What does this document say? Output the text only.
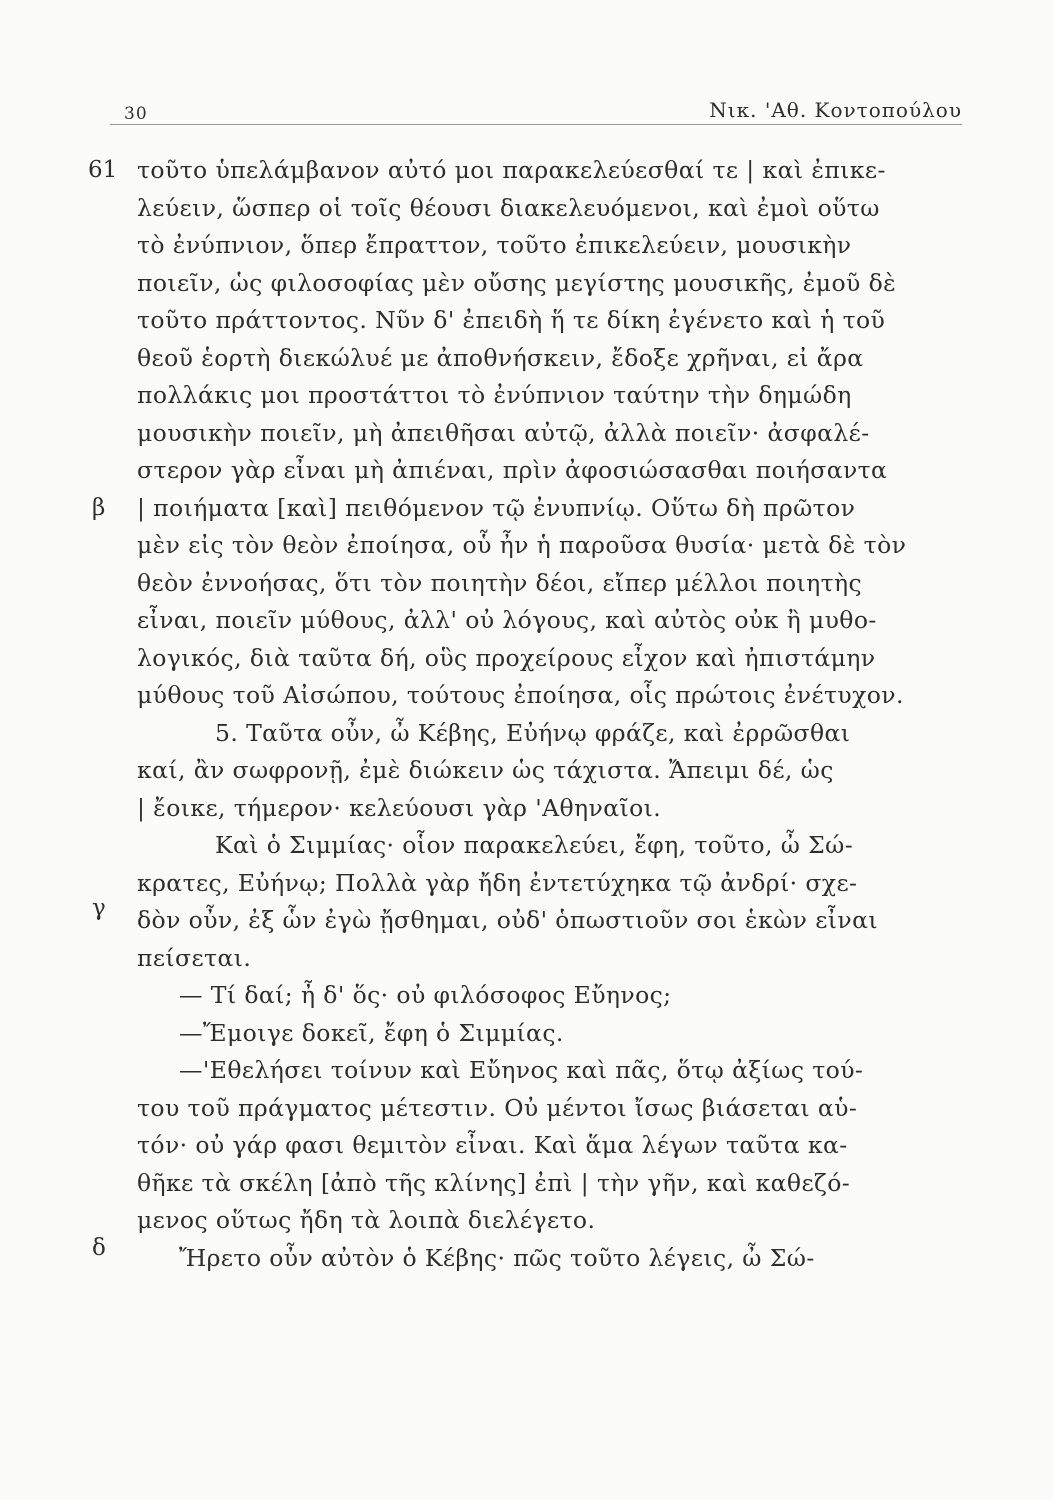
30	Νικ. 'Αθ. Κοντοπούλου
61
β
γ
δ
τοῦτο ὑπελάμβανον αὐτό μοι παρακελεύεσθαί τε | καὶ ἐπικε-
λεύειν, ὥσπερ οἱ τοῖς θέουσι διακελευόμενοι, καὶ ἐμοὶ οὕτω
τὸ ἐνύπνιον, ὅπερ ἔπραττον, τοῦτο ἐπικελεύειν, μουσικὴν
ποιεῖν, ὡς φιλοσοφίας μὲν οὔσης μεγίστης μουσικῆς, ἐμοῦ δὲ
τοῦτο πράττοντος. Νῦν δ' ἐπειδὴ ἥ τε δίκη ἐγένετο καὶ ἡ τοῦ
θεοῦ ἑορτὴ διεκώλυέ με ἀποθνήσκειν, ἔδοξε χρῆναι, εἰ ἄρα
πολλάκις μοι προστάττοι τὸ ἐνύπνιον ταύτην τὴν δημώδη
μουσικὴν ποιεῖν, μὴ ἀπειθῆσαι αὐτῷ, ἀλλὰ ποιεῖν· ἀσφαλέ-
στερον γὰρ εἶναι μὴ ἀπιέναι, πρὶν ἀφοσιώσασθαι ποιήσαντα
| ποιήματα [καὶ] πειθόμενον τῷ ἐνυπνίῳ. Οὕτω δὴ πρῶτον
μὲν εἰς τὸν θεὸν ἐποίησα, οὗ ἦν ἡ παροῦσα θυσία· μετὰ δὲ τὸν
θεὸν ἐννοήσας, ὅτι τὸν ποιητὴν δέοι, εἴπερ μέλλοι ποιητὴς
εἶναι, ποιεῖν μύθους, ἀλλ' οὐ λόγους, καὶ αὐτὸς οὐκ ἢ μυθο-
λογικός, διὰ ταῦτα δή, οὓς προχείρους εἶχον καὶ ἠπιστάμην
μύθους τοῦ Αἰσώπου, τούτους ἐποίησα, οἷς πρώτοις ἐνέτυχον.
5. Ταῦτα οὖν, ὦ Κέβης, Εὐήνῳ φράζε, καὶ ἐρρῶσθαι
καί, ἂν σωφρονῇ, ἐμὲ διώκειν ὡς τάχιστα. Ἄπειμι δέ, ὡς
| ἔοικε, τήμερον· κελεύουσι γὰρ 'Αθηναῖοι.
Καὶ ὁ Σιμμίας· οἷον παρακελεύει, ἔφη, τοῦτο, ὦ Σώ-
κρατες, Εὐήνῳ; Πολλὰ γὰρ ἤδη ἐντετύχηκα τῷ ἀνδρί· σχε-
δὸν οὖν, ἐξ ὧν ἐγὼ ᾔσθημαι, οὐδ' ὁπωστιοῦν σοι ἑκὼν εἶναι
πείσεται.
— Τί δαί; ἦ δ' ὅς· οὐ φιλόσοφος Εὔηνος;
—Ἔμοιγε δοκεῖ, ἔφη ὁ Σιμμίας.
—'Εθελήσει τοίνυν καὶ Εὔηνος καὶ πᾶς, ὅτῳ ἀξίως τού-
του τοῦ πράγματος μέτεστιν. Οὐ μέντοι ἴσως βιάσεται αὑ-
τόν· οὐ γάρ φασι θεμιτὸν εἶναι. Καὶ ἅμα λέγων ταῦτα κα-
θῆκε τὰ σκέλη [ἀπὸ τῆς κλίνης] ἐπὶ | τὴν γῆν, καὶ καθεζό-
μενος οὕτως ἤδη τὰ λοιπὰ διελέγετο.
Ἤρετο οὖν αὐτὸν ὁ Κέβης· πῶς τοῦτο λέγεις, ὦ Σώ-
